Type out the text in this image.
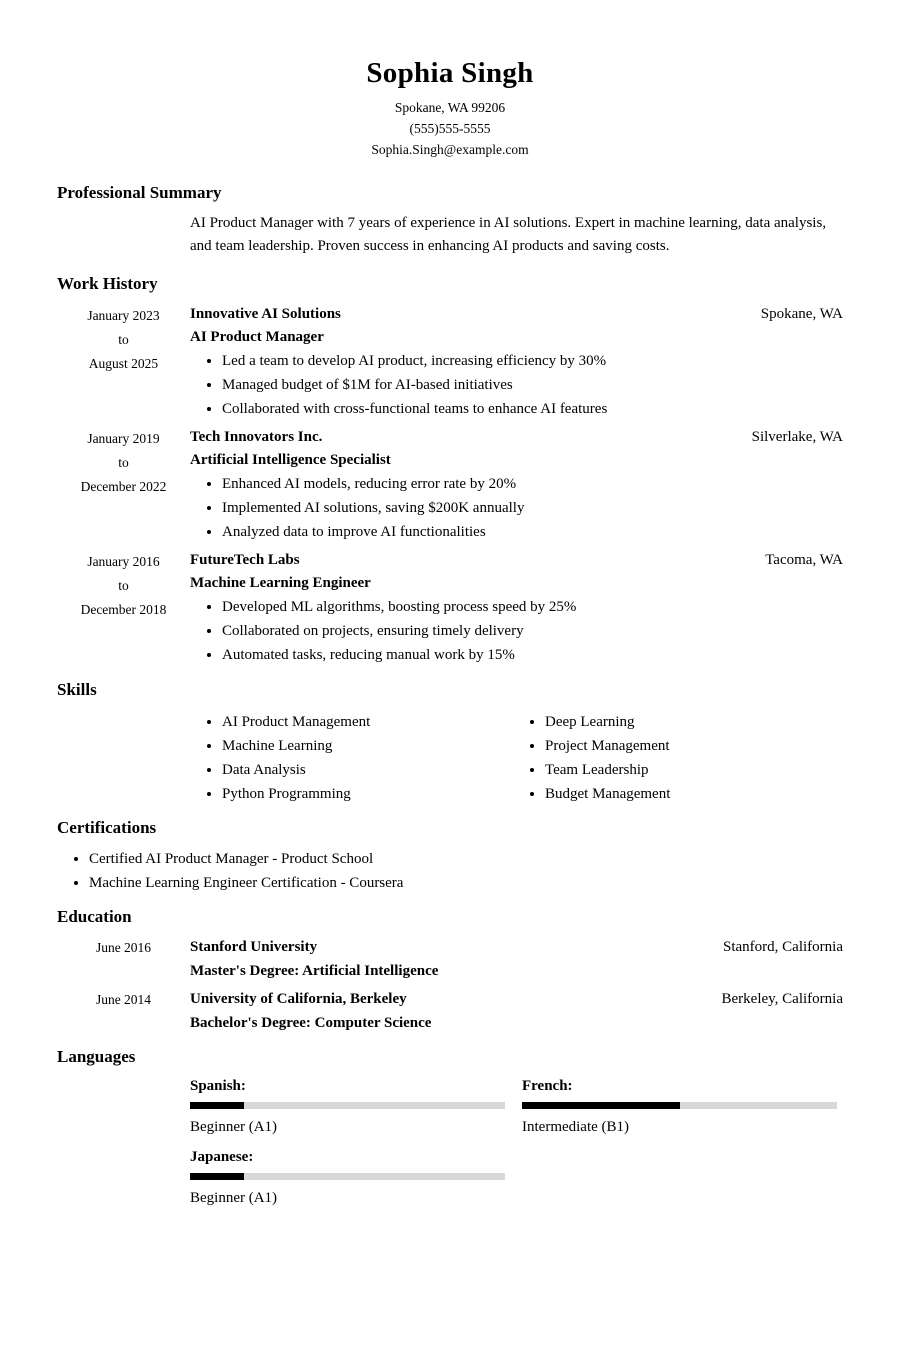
Sophia Singh
Spokane, WA 99206
(555)555-5555
Sophia.Singh@example.com
Professional Summary

AI Product Manager with 7 years of experience in AI solutions. Expert in machine learning, data analysis, and team leadership. Proven success in enhancing AI products and saving costs.

Work History
January 2023
to
August 2025
Innovative AI Solutions	Spokane, WA
AI Product Manager
• Led a team to develop AI product, increasing efficiency by 30%
• Managed budget of $1M for AI-based initiatives
• Collaborated with cross-functional teams to enhance AI features
January 2019
to
December 2022
Tech Innovators Inc.	Silverlake, WA
Artificial Intelligence Specialist
• Enhanced AI models, reducing error rate by 20%
• Implemented AI solutions, saving $200K annually
• Analyzed data to improve AI functionalities
January 2016
to
December 2018
FutureTech Labs	Tacoma, WA
Machine Learning Engineer
• Developed ML algorithms, boosting process speed by 25%
• Collaborated on projects, ensuring timely delivery
• Automated tasks, reducing manual work by 15%
Skills
• AI Product Management
• Machine Learning
• Data Analysis
• Python Programming
• Deep Learning
• Project Management
• Team Leadership
• Budget Management
Certifications
• Certified AI Product Manager - Product School
• Machine Learning Engineer Certification - Coursera
Education
June 2016	Stanford University	Stanford, California
Master's Degree: Artificial Intelligence
June 2014	University of California, Berkeley	Berkeley, California
Bachelor's Degree: Computer Science
Languages
Spanish:
Beginner (A1)
French:
Intermediate (B1)
Japanese:
Beginner (A1)
